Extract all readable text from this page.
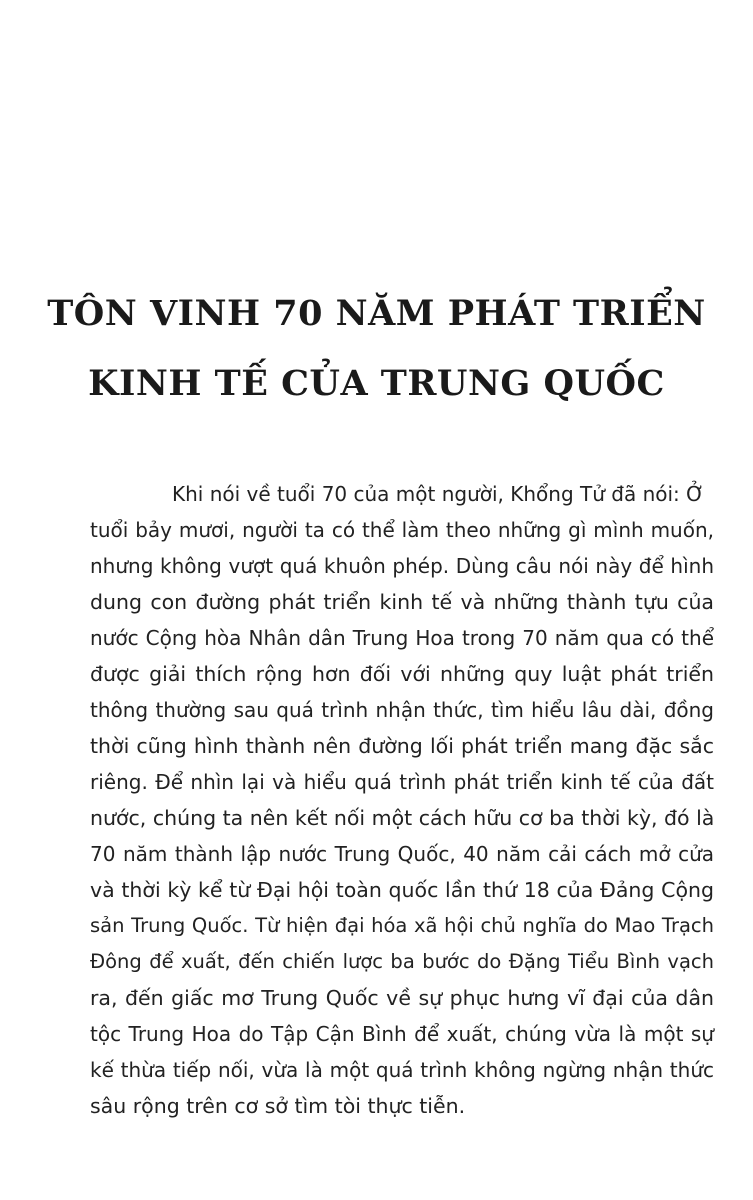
TÔN VINH 70 NĂM PHÁT TRIỂN
KINH TẾ CỦA TRUNG QUỐC
Khi nói về tuổi 70 của một người, Khổng Tử đã nói: Ở
tuổi bảy mươi, người ta có thể làm theo những gì mình muốn,
nhưng không vượt quá khuôn phép. Dùng câu nói này để hình
dung con đường phát triển kinh tế và những thành tựu của
nước Cộng hòa Nhân dân Trung Hoa trong 70 năm qua có thể
được giải thích rộng hơn đối với những quy luật phát triển
thông thường sau quá trình nhận thức, tìm hiểu lâu dài, đồng
thời cũng hình thành nên đường lối phát triển mang đặc sắc
riêng. Để nhìn lại và hiểu quá trình phát triển kinh tế của đất
nước, chúng ta nên kết nối một cách hữu cơ ba thời kỳ, đó là
70 năm thành lập nước Trung Quốc, 40 năm cải cách mở cửa
và thời kỳ kể từ Đại hội toàn quốc lần thứ 18 của Đảng Cộng
sản Trung Quốc. Từ hiện đại hóa xã hội chủ nghĩa do Mao Trạch
Đông để xuất, đến chiến lược ba bước do Đặng Tiểu Bình vạch
ra, đến giấc mơ Trung Quốc về sự phục hưng vĩ đại của dân
tộc Trung Hoa do Tập Cận Bình để xuất, chúng vừa là một sự
kế thừa tiếp nối, vừa là một quá trình không ngừng nhận thức
sâu rộng trên cơ sở tìm tòi thực tiễn.
